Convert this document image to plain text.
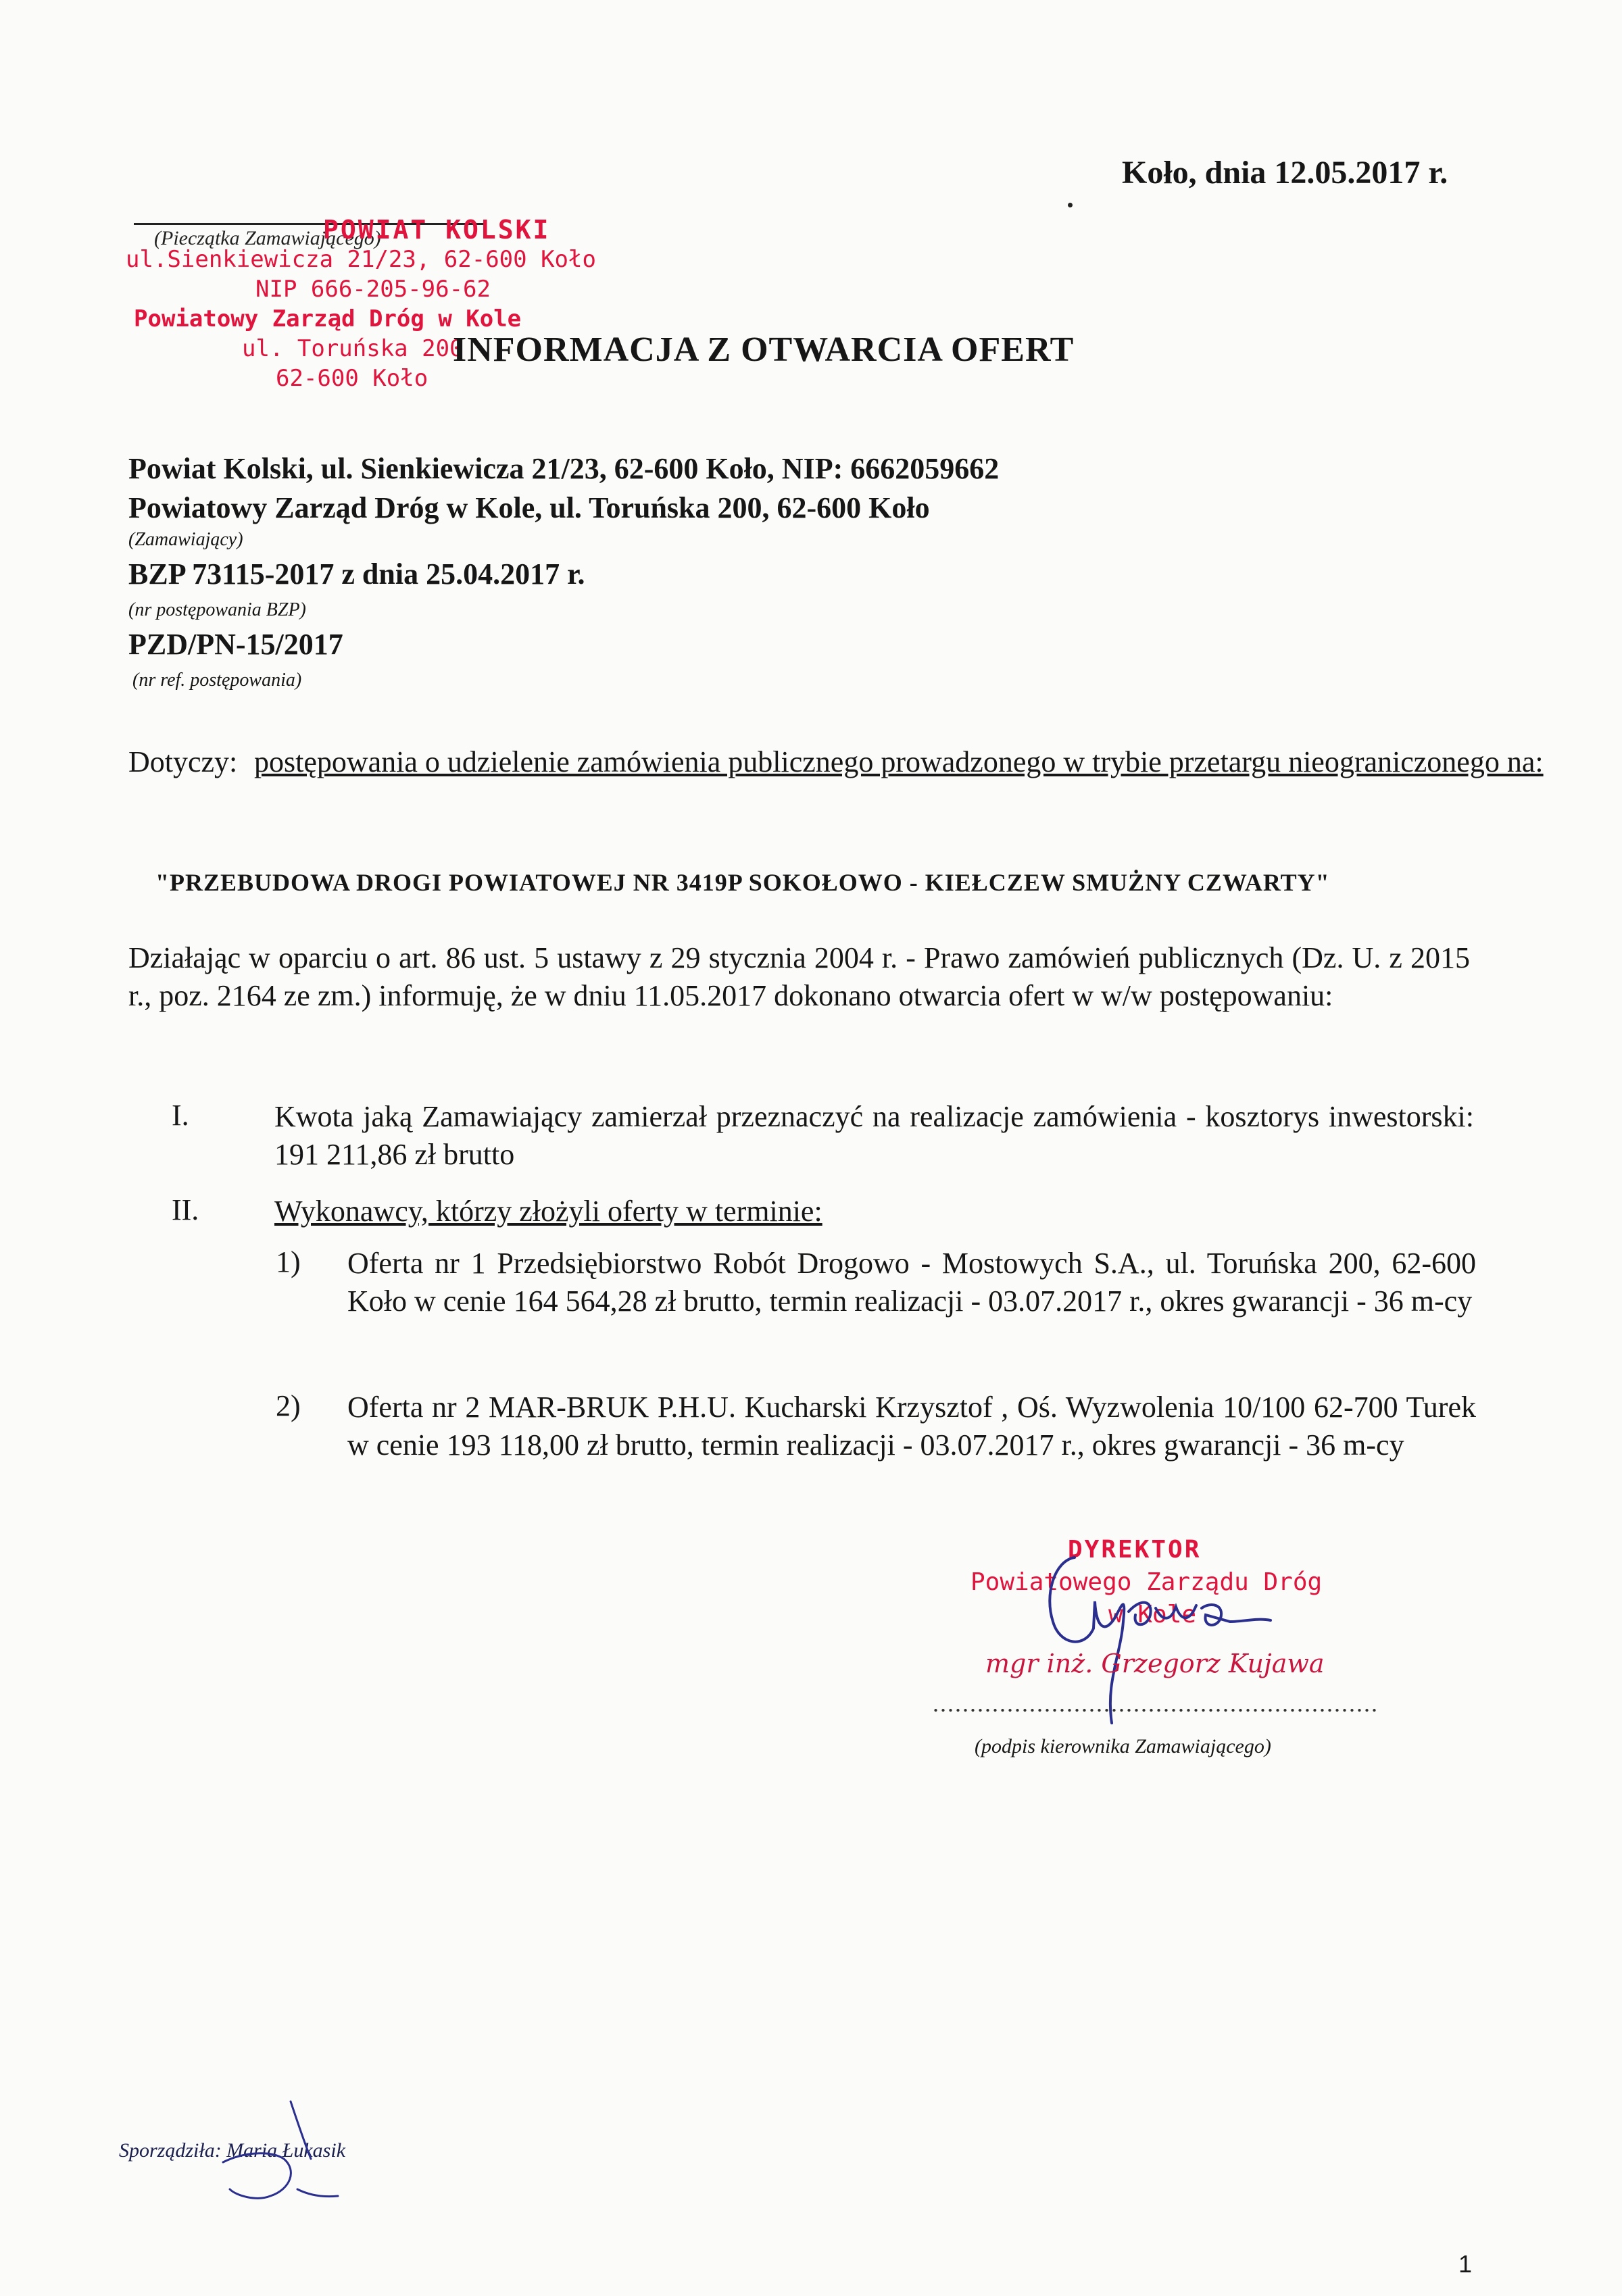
Koło, dnia 12.05.2017 r.
(Pieczątka Zamawiającego)
POWIAT KOLSKI
ul.Sienkiewicza 21/23, 62-600 Koło
NIP 666-205-96-62
Powiatowy Zarząd Dróg w Kole
ul. Toruńska 200
62-600 Koło
INFORMACJA Z OTWARCIA OFERT
Powiat Kolski, ul. Sienkiewicza 21/23, 62-600 Koło, NIP: 6662059662
Powiatowy Zarząd Dróg w Kole, ul. Toruńska 200, 62-600 Koło
(Zamawiający)
BZP 73115-2017 z dnia 25.04.2017 r.
(nr postępowania BZP)
PZD/PN-15/2017
(nr ref. postępowania)
Dotyczy: postępowania o udzielenie zamówienia publicznego prowadzonego w trybie przetargu nieograniczonego na:
"PRZEBUDOWA DROGI POWIATOWEJ NR 3419P SOKOŁOWO - KIEŁCZEW SMUŻNY CZWARTY"
Działając w oparciu o art. 86 ust. 5 ustawy z 29 stycznia 2004 r. - Prawo zamówień publicznych (Dz. U. z 2015 r., poz. 2164 ze zm.) informuję, że w dniu 11.05.2017 dokonano otwarcia ofert w w/w postępowaniu:
I.	Kwota jaką Zamawiający zamierzał przeznaczyć na realizacje zamówienia - kosztorys inwestorski: 191 211,86 zł brutto
II.	Wykonawcy, którzy złożyli oferty w terminie:
1) Oferta nr 1 Przedsiębiorstwo Robót Drogowo - Mostowych S.A., ul. Toruńska 200, 62-600 Koło w cenie 164 564,28 zł brutto, termin realizacji - 03.07.2017 r., okres gwarancji - 36 m-cy
2) Oferta nr 2 MAR-BRUK P.H.U. Kucharski Krzysztof , Oś. Wyzwolenia 10/100 62-700 Turek w cenie 193 118,00 zł brutto, termin realizacji - 03.07.2017 r., okres gwarancji - 36 m-cy
DYREKTOR
Powiatowego Zarządu Dróg
w Kole
mgr inż. Grzegorz Kujawa
............................................................
(podpis kierownika Zamawiającego)
Sporządziła: Maria Łukasik
1
